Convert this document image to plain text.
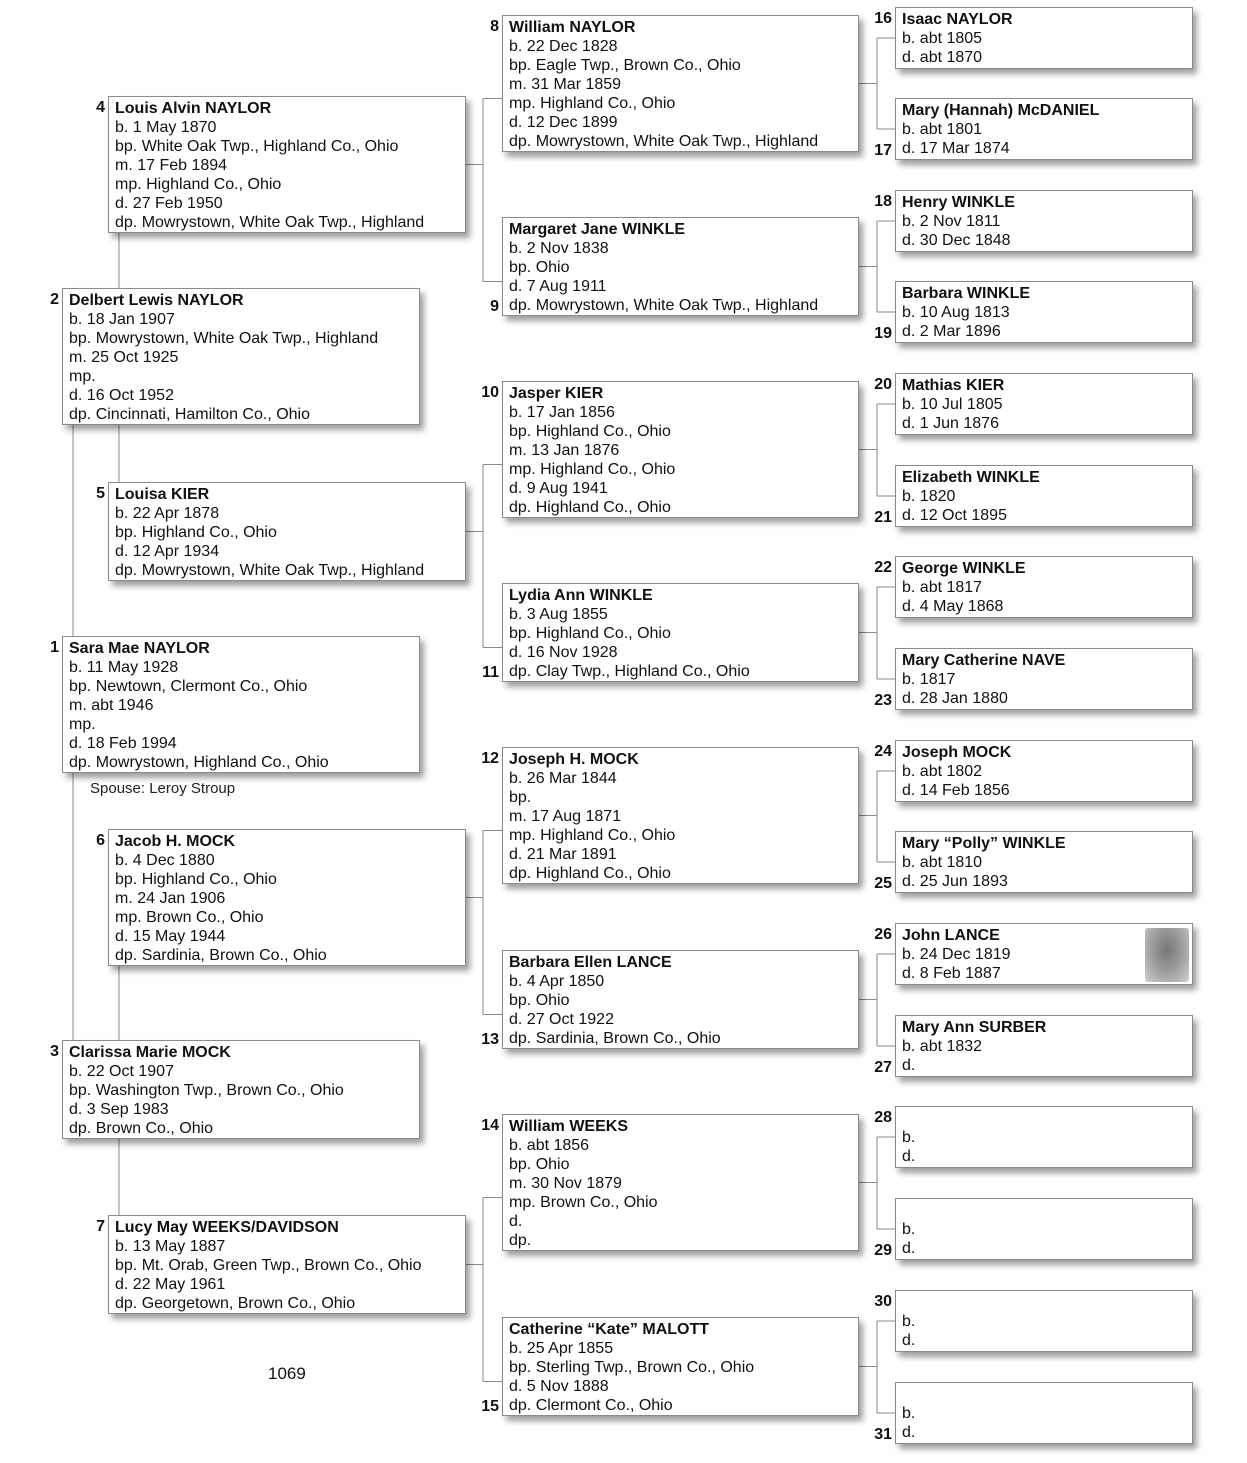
Sara Mae NAYLOR
b. 11 May 1928
bp. Newtown, Clermont Co., Ohio
m. abt 1946
mp.
d. 18 Feb 1994
dp. Mowrystown, Highland Co., Ohio
1
Delbert Lewis NAYLOR
b. 18 Jan 1907
bp. Mowrystown, White Oak Twp., Highland
m. 25 Oct 1925
mp.
d. 16 Oct 1952
dp. Cincinnati, Hamilton Co., Ohio
2
Clarissa Marie MOCK
b. 22 Oct 1907
bp. Washington Twp., Brown Co., Ohio
d. 3 Sep 1983
dp. Brown Co., Ohio
3
Louis Alvin NAYLOR
b. 1 May 1870
bp. White Oak Twp., Highland Co., Ohio
m. 17 Feb 1894
mp. Highland Co., Ohio
d. 27 Feb 1950
dp. Mowrystown, White Oak Twp., Highland
4
Louisa KIER
b. 22 Apr 1878
bp. Highland Co., Ohio
d. 12 Apr 1934
dp. Mowrystown, White Oak Twp., Highland
5
Jacob H. MOCK
b. 4 Dec 1880
bp. Highland Co., Ohio
m. 24 Jan 1906
mp. Brown Co., Ohio
d. 15 May 1944
dp. Sardinia, Brown Co., Ohio
6
Lucy May WEEKS/DAVIDSON
b. 13 May 1887
bp. Mt. Orab, Green Twp., Brown Co., Ohio
d. 22 May 1961
dp. Georgetown, Brown Co., Ohio
7
William NAYLOR
b. 22 Dec 1828
bp. Eagle Twp., Brown Co., Ohio
m. 31 Mar 1859
mp. Highland Co., Ohio
d. 12 Dec 1899
dp. Mowrystown, White Oak Twp., Highland
8
Margaret Jane WINKLE
b. 2 Nov 1838
bp. Ohio
d. 7 Aug 1911
dp. Mowrystown, White Oak Twp., Highland
9
Jasper KIER
b. 17 Jan 1856
bp. Highland Co., Ohio
m. 13 Jan 1876
mp. Highland Co., Ohio
d. 9 Aug 1941
dp. Highland Co., Ohio
10
Lydia Ann WINKLE
b. 3 Aug 1855
bp. Highland Co., Ohio
d. 16 Nov 1928
dp. Clay Twp., Highland Co., Ohio
11
Joseph H. MOCK
b. 26 Mar 1844
bp.
m. 17 Aug 1871
mp. Highland Co., Ohio
d. 21 Mar 1891
dp. Highland Co., Ohio
12
Barbara Ellen LANCE
b. 4 Apr 1850
bp. Ohio
d. 27 Oct 1922
dp. Sardinia, Brown Co., Ohio
13
William WEEKS
b. abt 1856
bp. Ohio
m. 30 Nov 1879
mp. Brown Co., Ohio
d.
dp.
14
Catherine “Kate” MALOTT
b. 25 Apr 1855
bp. Sterling Twp., Brown Co., Ohio
d. 5 Nov 1888
dp. Clermont Co., Ohio
15
Isaac NAYLOR
b. abt 1805
d. abt 1870
16
Mary (Hannah) McDANIEL
b. abt 1801
d. 17 Mar 1874
17
Henry WINKLE
b. 2 Nov 1811
d. 30 Dec 1848
18
Barbara WINKLE
b. 10 Aug 1813
d. 2 Mar 1896
19
Mathias KIER
b. 10 Jul 1805
d. 1 Jun 1876
20
Elizabeth WINKLE
b. 1820
d. 12 Oct 1895
21
George WINKLE
b. abt 1817
d. 4 May 1868
22
Mary Catherine NAVE
b. 1817
d. 28 Jan 1880
23
Joseph MOCK
b. abt 1802
d. 14 Feb 1856
24
Mary “Polly” WINKLE
b. abt 1810
d. 25 Jun 1893
25
John LANCE
b. 24 Dec 1819
d. 8 Feb 1887
26
Mary Ann SURBER
b. abt 1832
d.
27
b.
d.
28
b.
d.
29
b.
d.
30
b.
d.
31
Spouse: Leroy Stroup
1069
